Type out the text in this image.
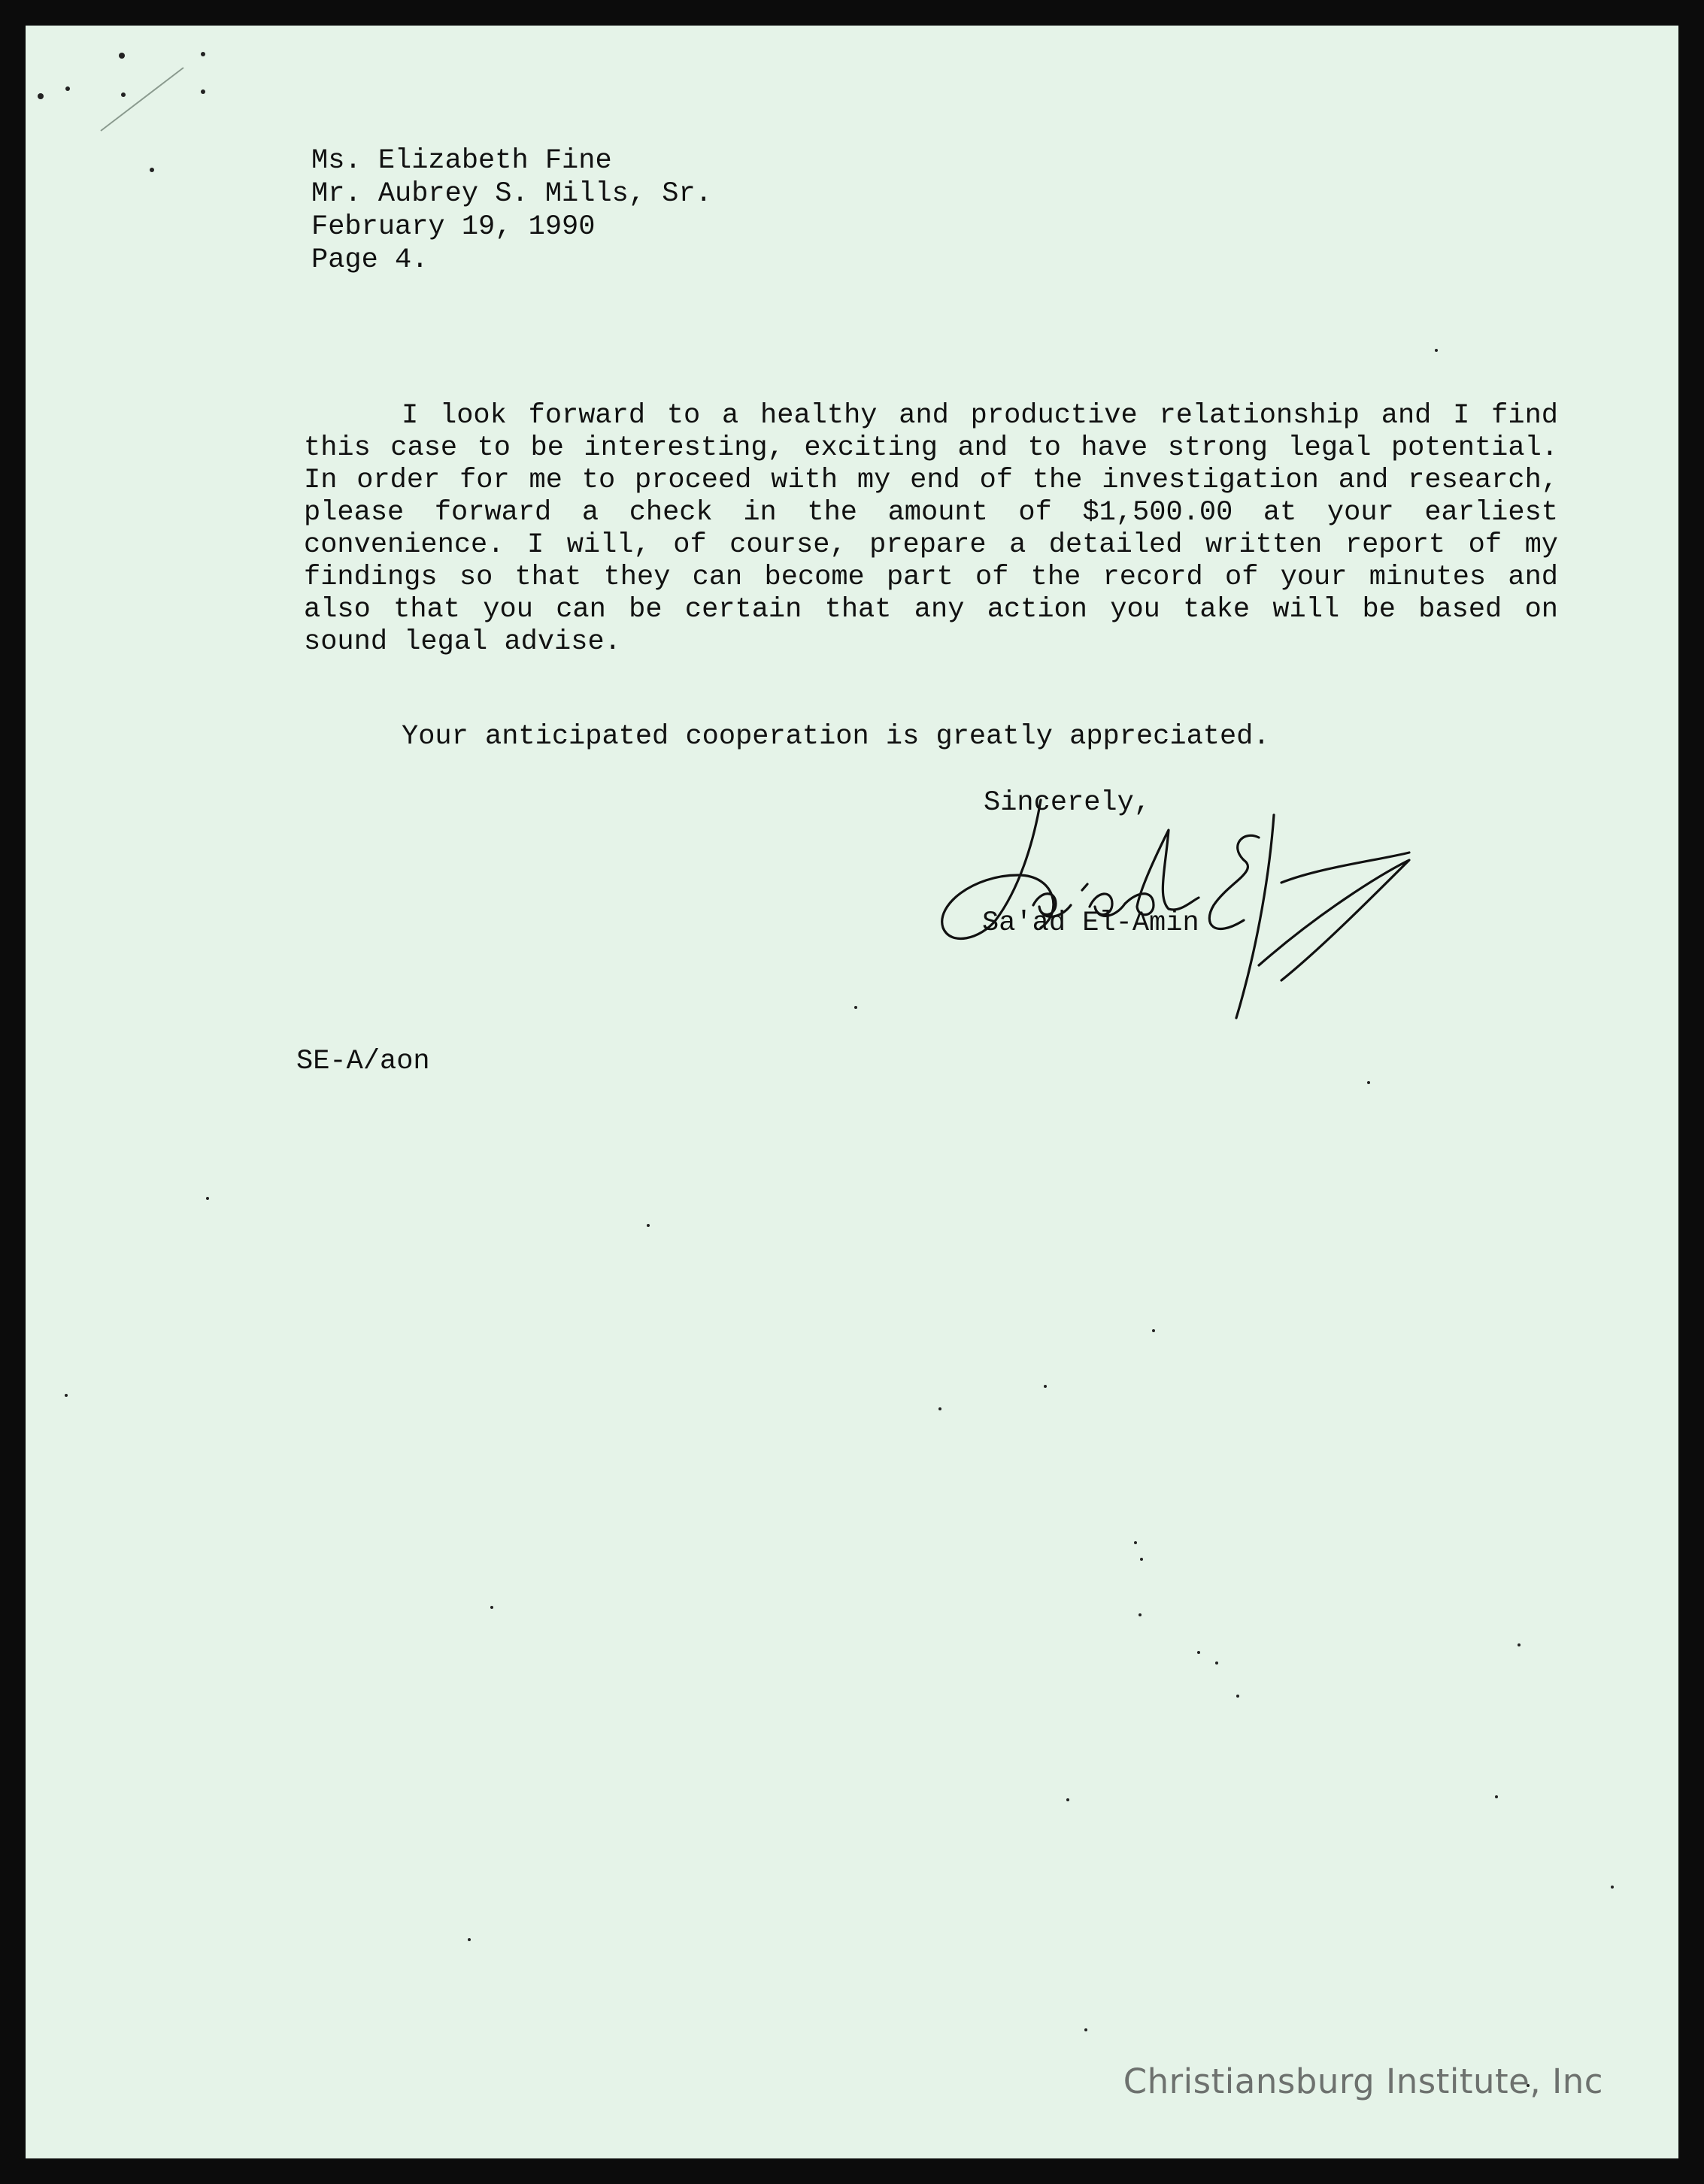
Ms. Elizabeth Fine
Mr. Aubrey S. Mills, Sr.
February 19, 1990
Page 4.

I look forward to a healthy and productive relationship and I find this case to be interesting, exciting and to have strong legal potential. In order for me to proceed with my end of the investigation and research, please forward a check in the amount of $1,500.00 at your earliest convenience. I will, of course, prepare a detailed written report of my findings so that they can become part of the record of your minutes and also that you can be certain that any action you take will be based on sound legal advise.

Your anticipated cooperation is greatly appreciated.

Sincerely,
Sa'ad El-Amin
SE-A/aon
Christiansburg Institute, Inc
